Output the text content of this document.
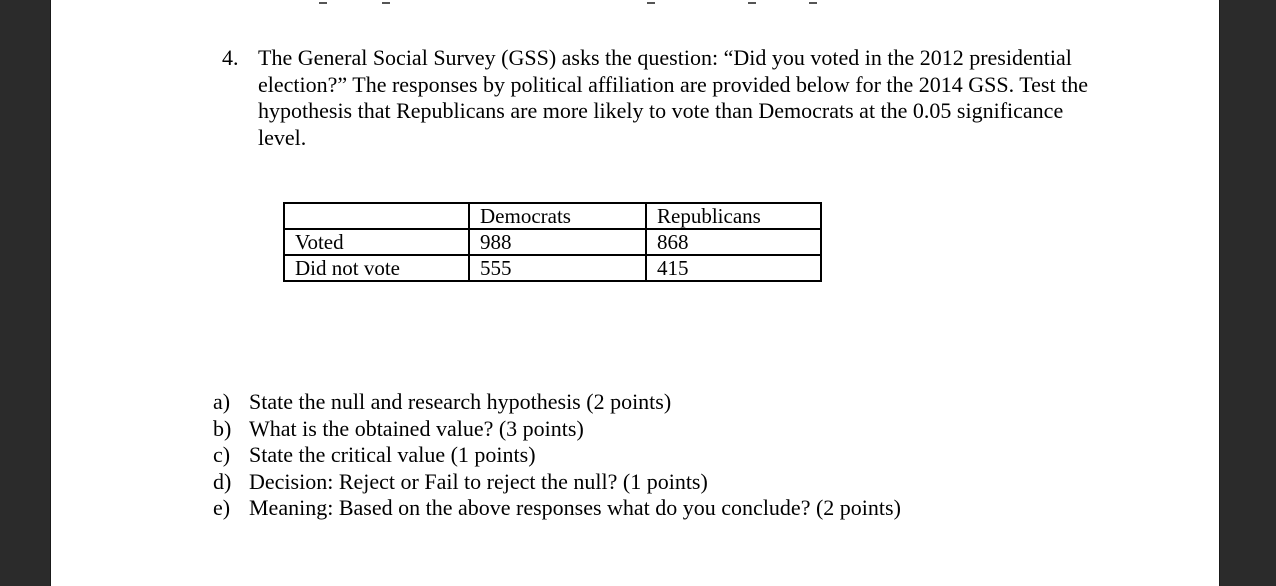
4. The General Social Survey (GSS) asks the question: “Did you voted in the 2012 presidential election?” The responses by political affiliation are provided below for the 2014 GSS. Test the hypothesis that Republicans are more likely to vote than Democrats at the 0.05 significance level.

	Democrats	Republicans
Voted	988	868
Did not vote	555	415
a) State the null and research hypothesis (2 points)
b) What is the obtained value? (3 points)
c) State the critical value (1 points)
d) Decision: Reject or Fail to reject the null? (1 points)
e) Meaning: Based on the above responses what do you conclude? (2 points)
